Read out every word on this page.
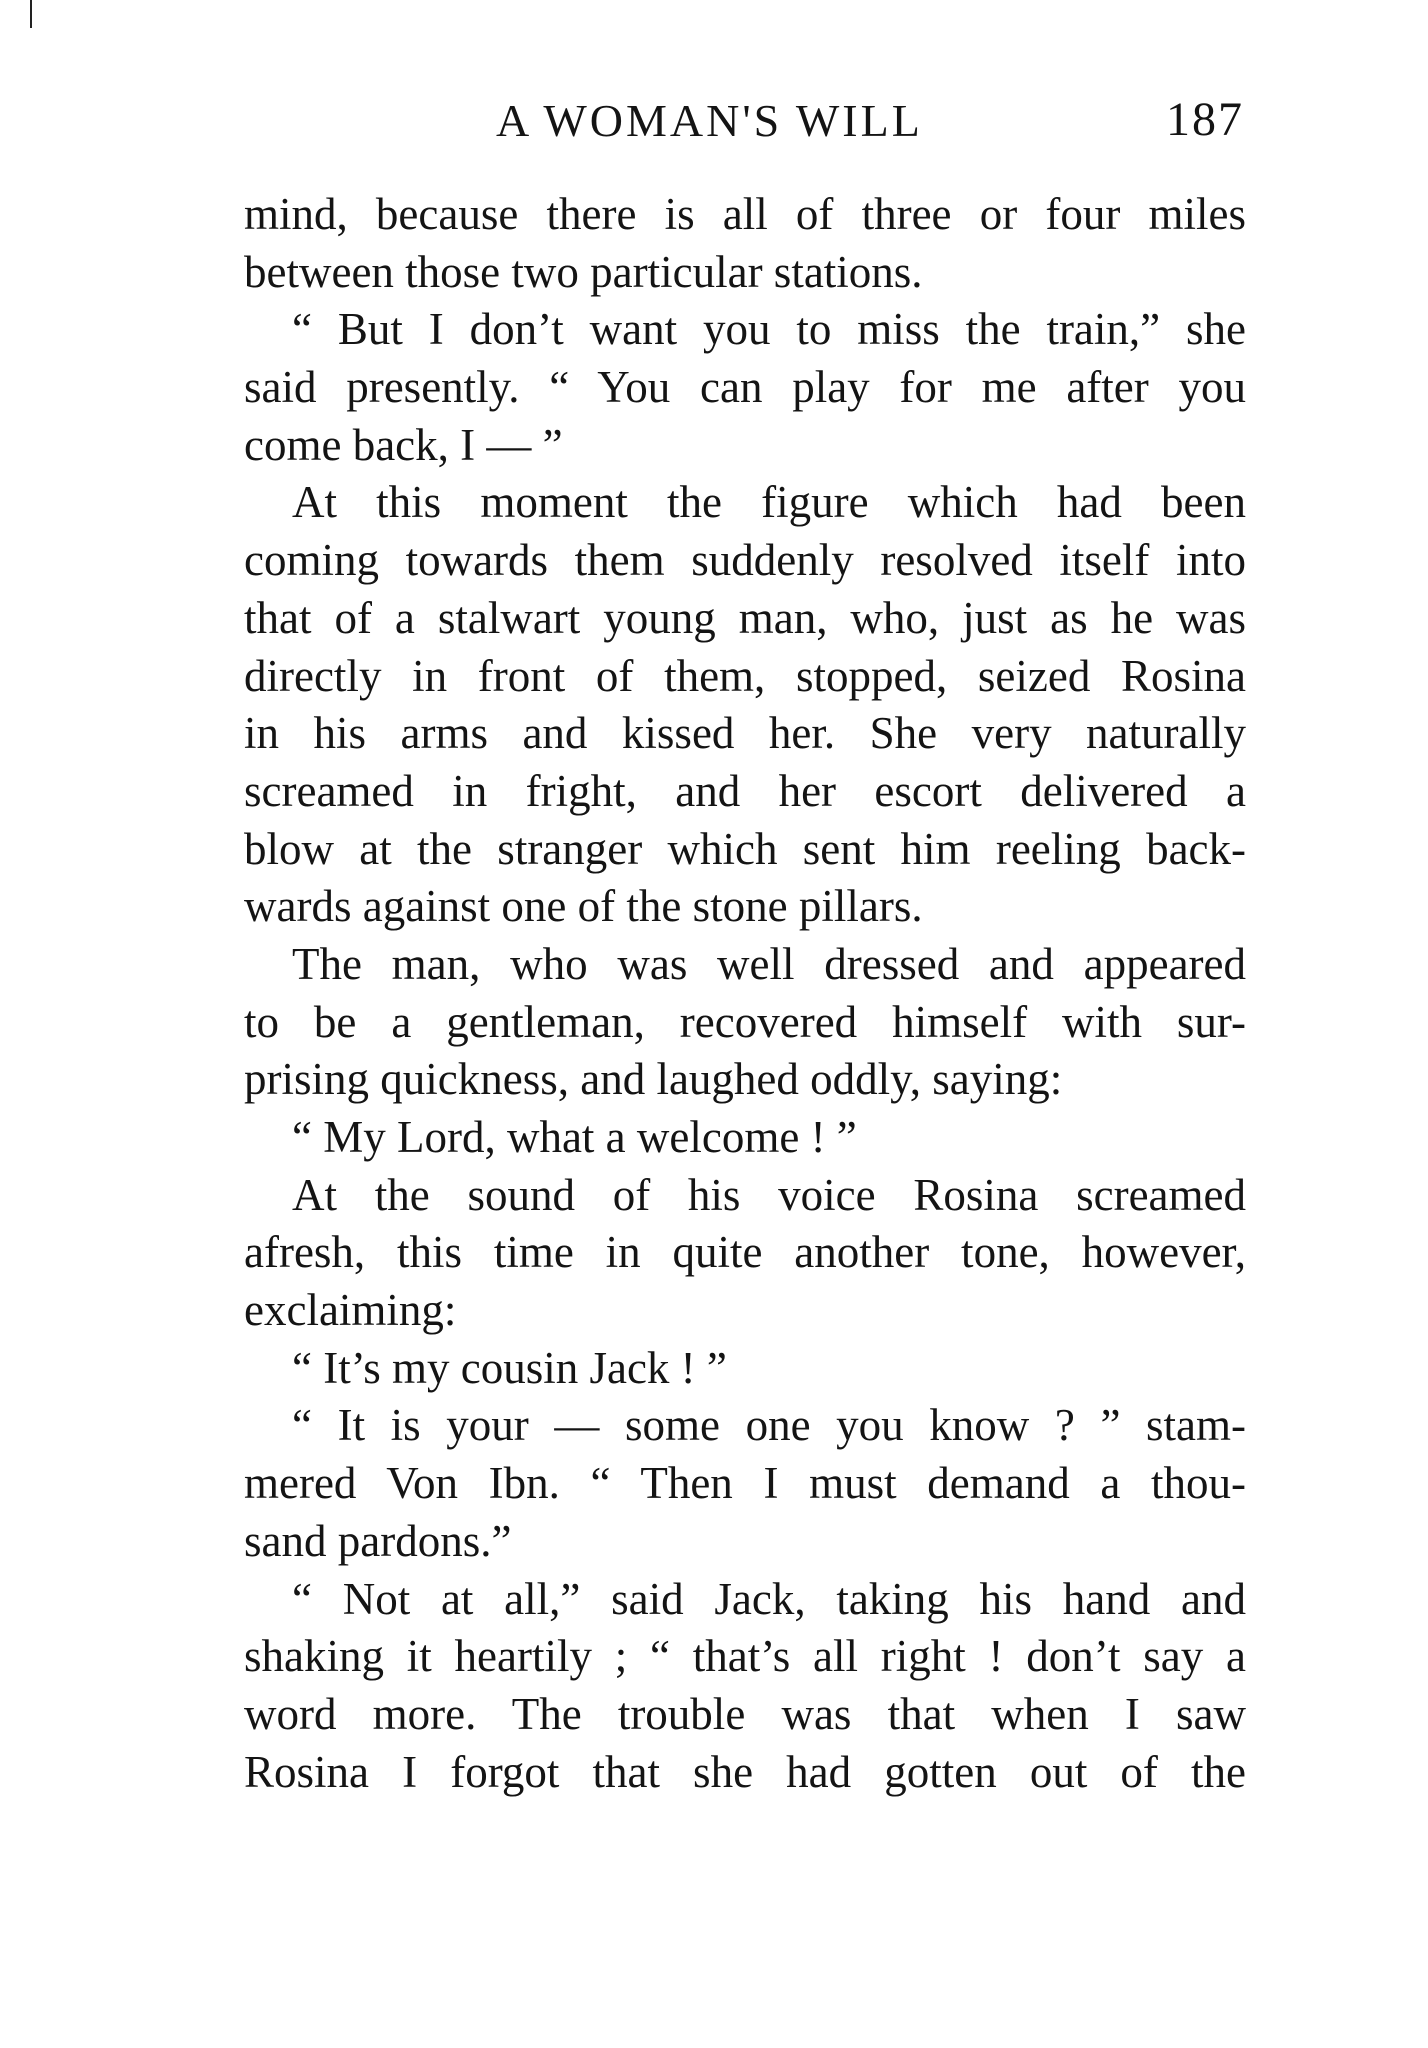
A WOMAN'S WILL	187
mind, because there is all of three or four miles
between those two particular stations.
“ But I don’t want you to miss the train,” she
said presently. “ You can play for me after you
come back, I — ”
At this moment the figure which had been
coming towards them suddenly resolved itself into
that of a stalwart young man, who, just as he was
directly in front of them, stopped, seized Rosina
in his arms and kissed her. She very naturally
screamed in fright, and her escort delivered a
blow at the stranger which sent him reeling back-
wards against one of the stone pillars.
The man, who was well dressed and appeared
to be a gentleman, recovered himself with sur-
prising quickness, and laughed oddly, saying:
“ My Lord, what a welcome ! ”
At the sound of his voice Rosina screamed
afresh, this time in quite another tone, however,
exclaiming:
“ It’s my cousin Jack ! ”
“ It is your — some one you know ? ” stam-
mered Von Ibn. “ Then I must demand a thou-
sand pardons.”
“ Not at all,” said Jack, taking his hand and
shaking it heartily ; “ that’s all right ! don’t say a
word more. The trouble was that when I saw
Rosina I forgot that she had gotten out of the
